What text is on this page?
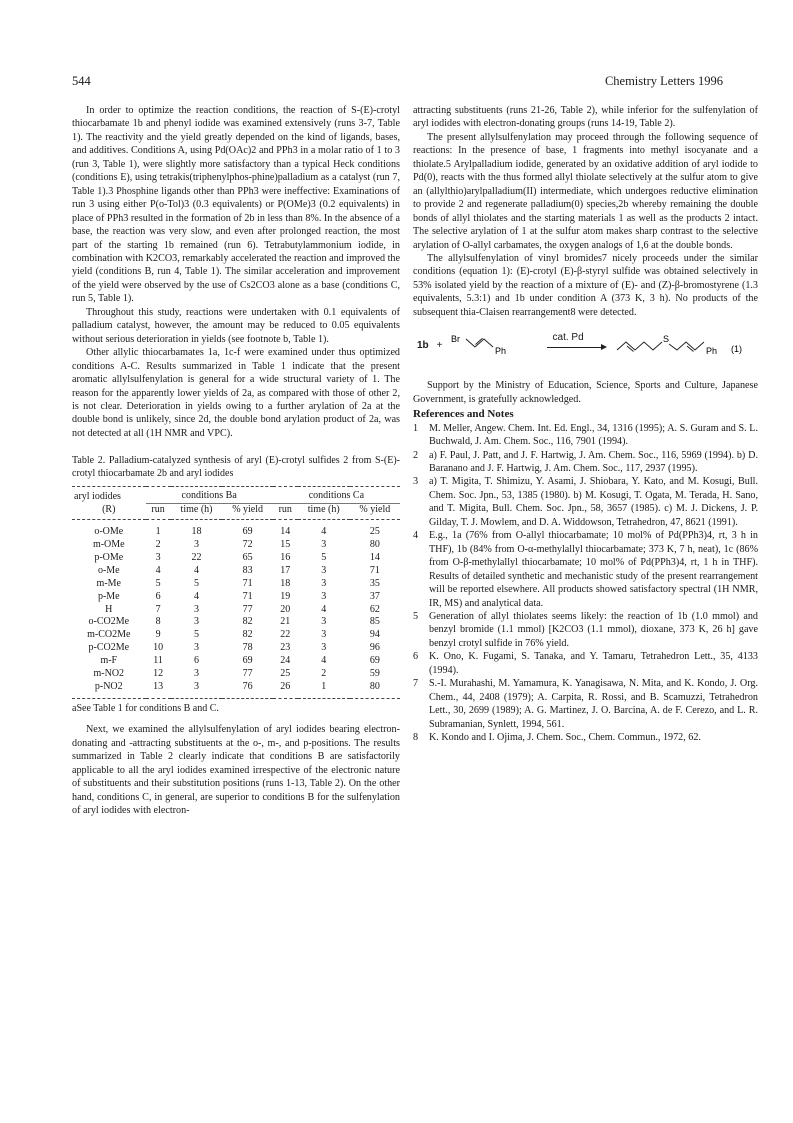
544	Chemistry Letters 1996

In order to optimize the reaction conditions, the reaction of S-(E)-crotyl thiocarbamate 1b and phenyl iodide was examined extensively (runs 3-7, Table 1). The reactivity and the yield greatly depended on the kind of ligands, bases, and additives. Conditions A, using Pd(OAc)2 and PPh3 in a molar ratio of 1 to 3 (run 3, Table 1), were slightly more satisfactory than a typical Heck conditions (conditions E), using tetrakis(triphenylphos-phine)palladium as a catalyst (run 7, Table 1).3 Phosphine ligands other than PPh3 were ineffective: Examinations of run 3 using either P(o-Tol)3 (0.3 equivalents) or P(OMe)3 (0.2 equivalents) in place of PPh3 resulted in the formation of 2b in less than 8%. In the absence of a base, the reaction was very slow, and even after prolonged reaction, the most part of the starting 1b remained (run 6). Tetrabutylammonium iodide, in combination with K2CO3, remarkably accelerated the reaction and improved the yield (conditions B, run 4, Table 1). The similar acceleration and improvement of the yield were observed by the use of Cs2CO3 alone as a base (conditions C, run 5, Table 1).

Throughout this study, reactions were undertaken with 0.1 equivalents of palladium catalyst, however, the amount may be reduced to 0.05 equivalents without serious deterioration in yields (see footnote b, Table 1).

Other allylic thiocarbamates 1a, 1c-f were examined under thus optimized conditions A-C. Results summarized in Table 1 indicate that the present aromatic allylsulfenylation is general for a wide structural variety of 1. The reason for the apparently lower yields of 2a, as compared with those of other 2, is not clear. Deterioration in yields owing to a further arylation of 2a at the double bond is unlikely, since 2d, the double bond arylation product of 2a, was not detected at all (1H NMR and VPC).

Table 2. Palladium-catalyzed synthesis of aryl (E)-crotyl sulfides 2 from S-(E)-crotyl thiocarbamate 2b and aryl iodides
aryl iodides	conditions Ba			conditions Ca		
(R)	run	time (h)	% yield	run	time (h)	% yield
o-OMe	1	18	69	14	4	25
m-OMe	2	3	72	15	3	80
p-OMe	3	22	65	16	5	14
o-Me	4	4	83	17	3	71
m-Me	5	5	71	18	3	35
p-Me	6	4	71	19	3	37
H	7	3	77	20	4	62
o-CO2Me	8	3	82	21	3	85
m-CO2Me	9	5	82	22	3	94
p-CO2Me	10	3	78	23	3	96
m-F	11	6	69	24	4	69
m-NO2	12	3	77	25	2	59
p-NO2	13	3	76	26	1	80
aSee Table 1 for conditions B and C.

Next, we examined the allylsulfenylation of aryl iodides bearing electron-donating and -attracting substituents at the o-, m-, and p-positions. The results summarized in Table 2 clearly indicate that conditions B are satisfactorily applicable to all the aryl iodides examined irrespective of the electronic nature of substituents and their substitution positions (runs 1-13, Table 2). On the other hand, conditions C, in general, are superior to conditions B for the sulfenylation of aryl iodides with electron-

attracting substituents (runs 21-26, Table 2), while inferior for the sulfenylation of aryl iodides with electron-donating groups (runs 14-19, Table 2).

The present allylsulfenylation may proceed through the following sequence of reactions: In the presence of base, 1 fragments into methyl isocyanate and a thiolate.5 Arylpalladium iodide, generated by an oxidative addition of aryl iodide to Pd(0), reacts with the thus formed allyl thiolate selectively at the sulfur atom to give an (allylthio)arylpalladium(II) intermediate, which undergoes reductive elimination to provide 2 and regenerate palladium(0) species,2b whereby remaining the double bonds of allyl thiolates and the starting materials 1 as well as the products 2 intact. The selective arylation of 1 at the sulfur atom makes sharp contrast to the selective arylation of O-allyl carbamates, the oxygen analogs of 1,6 at the double bonds.

The allylsulfenylation of vinyl bromides7 nicely proceeds under the similar conditions (equation 1): (E)-crotyl (E)-β-styryl sulfide was obtained selectively in 53% isolated yield by the reaction of a mixture of (E)- and (Z)-β-bromostyrene (1.3 equivalents, 5.3:1) and 1b under condition A (373 K, 3 h). No products of the subsequent thia-Claisen rearrangement8 were detected.

1b +
Br
Ph
cat. Pd	S
Ph (1)

Support by the Ministry of Education, Science, Sports and Culture, Japanese Government, is gratefully acknowledged.

References and Notes
1	M. Meller, Angew. Chem. Int. Ed. Engl., 34, 1316 (1995); A. S. Guram and S. L. Buchwald, J. Am. Chem. Soc., 116, 7901 (1994).
2	a) F. Paul, J. Patt, and J. F. Hartwig, J. Am. Chem. Soc., 116, 5969 (1994). b) D. Baranano and J. F. Hartwig, J. Am. Chem. Soc., 117, 2937 (1995).
3	a) T. Migita, T. Shimizu, Y. Asami, J. Shiobara, Y. Kato, and M. Kosugi, Bull. Chem. Soc. Jpn., 53, 1385 (1980). b) M. Kosugi, T. Ogata, M. Terada, H. Sano, and T. Migita, Bull. Chem. Soc. Jpn., 58, 3657 (1985). c) M. J. Dickens, J. P. Gilday, T. J. Mowlem, and D. A. Widdowson, Tetrahedron, 47, 8621 (1991).
4	E.g., 1a (76% from O-allyl thiocarbamate; 10 mol% of Pd(PPh3)4, rt, 3 h in THF), 1b (84% from O-α-methylallyl thiocarbamate; 373 K, 7 h, neat), 1c (86% from O-β-methylallyl thiocarbamate; 10 mol% of Pd(PPh3)4, rt, 1 h in THF). Results of detailed synthetic and mechanistic study of the present rearrangement will be reported elsewhere. All products showed satisfactory spectral (1H NMR, IR, MS) and analytical data.
5	Generation of allyl thiolates seems likely: the reaction of 1b (1.0 mmol) and benzyl bromide (1.1 mmol) [K2CO3 (1.1 mmol), dioxane, 373 K, 26 h] gave benzyl crotyl sulfide in 76% yield.
6	K. Ono, K. Fugami, S. Tanaka, and Y. Tamaru, Tetrahedron Lett., 35, 4133 (1994).
7	S.-I. Murahashi, M. Yamamura, K. Yanagisawa, N. Mita, and K. Kondo, J. Org. Chem., 44, 2408 (1979); A. Carpita, R. Rossi, and B. Scamuzzi, Tetrahedron Lett., 30, 2699 (1989); A. G. Martinez, J. O. Barcina, A. de F. Cerezo, and L. R. Subramanian, Synlett, 1994, 561.
8	K. Kondo and I. Ojima, J. Chem. Soc., Chem. Commun., 1972, 62.
